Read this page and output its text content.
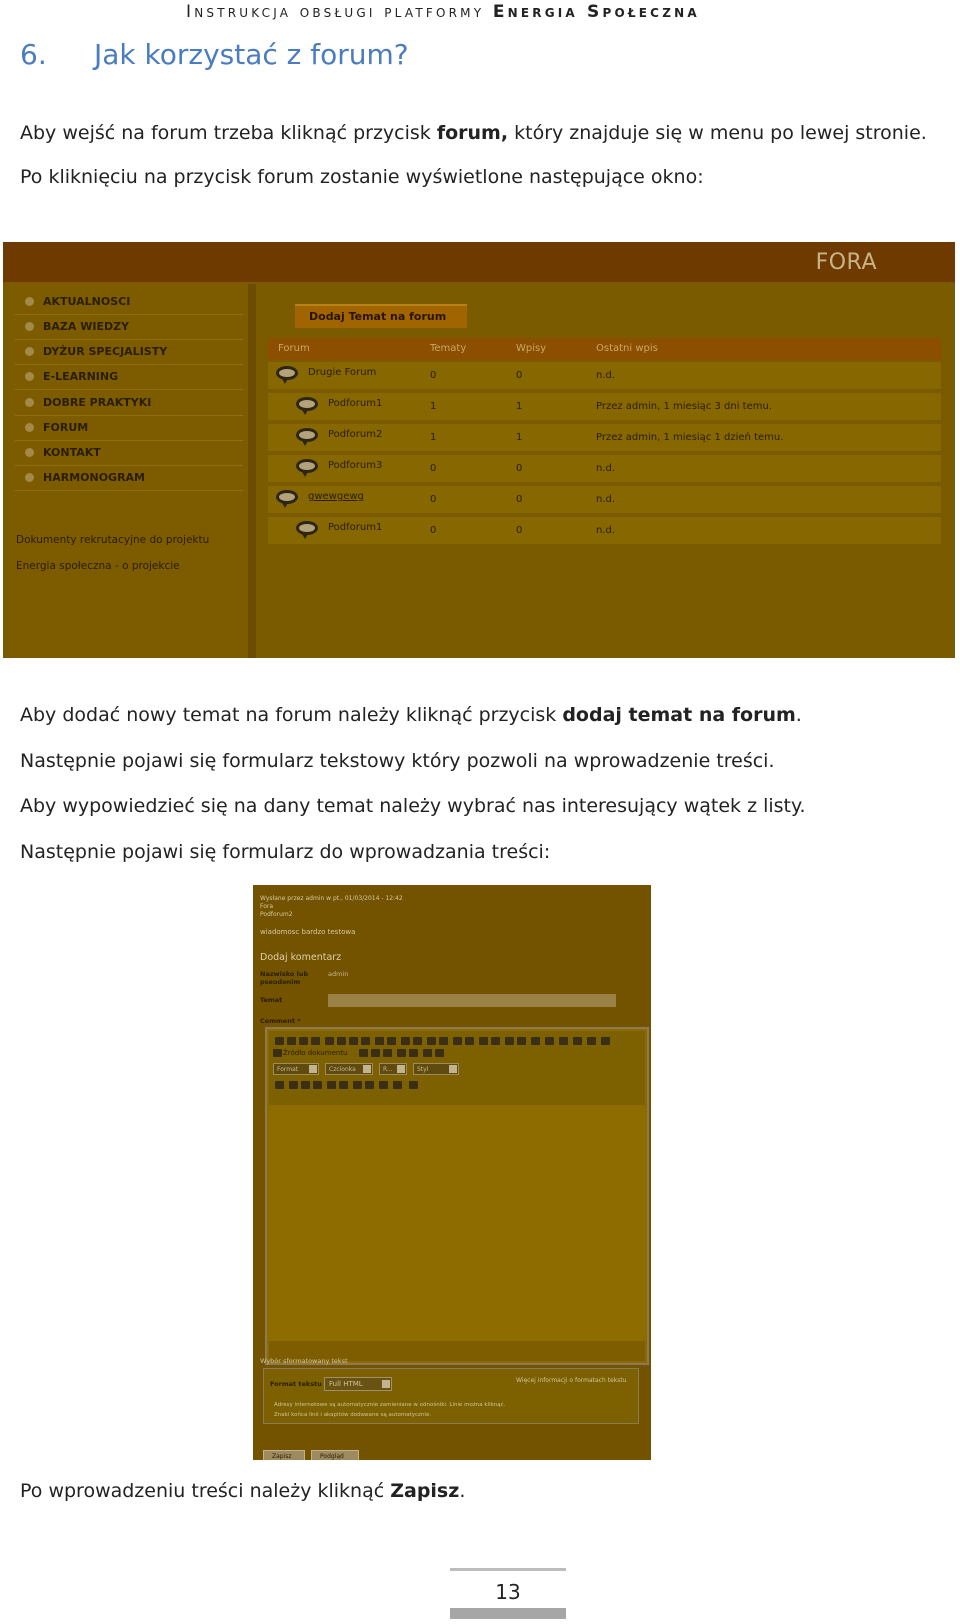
Instrukcja obsługi platformy Energia Społeczna
6. Jak korzystać z forum?

Aby wejść na forum trzeba kliknąć przycisk forum, który znajduje się w menu po lewej stronie.

Po kliknięciu na przycisk forum zostanie wyświetlone następujące okno:

FORA
AKTUALNOSCI
BAZA WIEDZY
DYŻUR SPECJALISTY
E-LEARNING
DOBRE PRAKTYKI
FORUM
KONTAKT
HARMONOGRAM
Dokumenty rekrutacyjne do projektu
Energia społeczna - o projekcie
Dodaj Temat na forum
Forum	Tematy	Wpisy	Ostatni wpis
Drugie Forum	0	0	n.d.
Podforum1	1	1	Przez admin, 1 miesiąc 3 dni temu.
Podforum2	1	1	Przez admin, 1 miesiąc 1 dzień temu.
Podforum3	0	0	n.d.
gwewgewg	0	0	n.d.
Podforum1	0	0	n.d.

Aby dodać nowy temat na forum należy kliknąć przycisk dodaj temat na forum.

Następnie pojawi się formularz tekstowy który pozwoli na wprowadzenie treści.

Aby wypowiedzieć się na dany temat należy wybrać nas interesujący wątek z listy.

Następnie pojawi się formularz do wprowadzania treści:

Wysłane przez admin w pt., 01/03/2014 - 12:42
Fora
Podforum2
wiadomosc bardzo testowa
Dodaj komentarz
Nazwisko lub pseudonim
admin
Temat
Comment *
Źródło dokumentu
Format	Czcionka	R...	Styl
Wybór sformatowany tekst
Format tekstu	Full HTML	Więcej informacji o formatach tekstu
Adresy internetowe są automatycznie zamieniane w odnośniki. Linie można kliknąć.
Znaki końca linii i akapitów dodawane są automatycznie.
Zapisz	Podgląd

Po wprowadzeniu treści należy kliknąć Zapisz.

13
